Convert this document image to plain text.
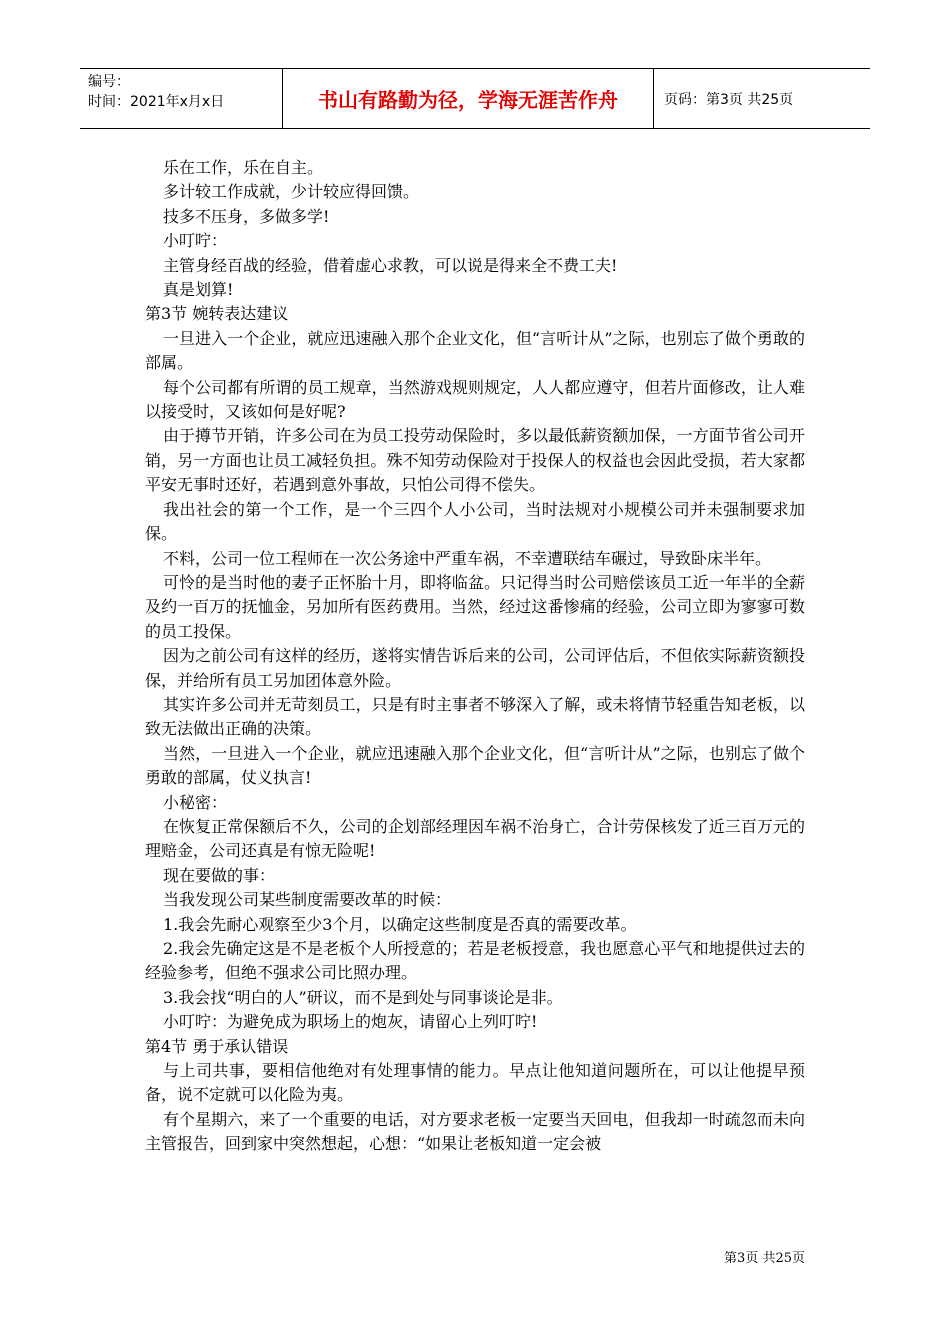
编号：
时间：2021年x月x日	书山有路勤为径，学海无涯苦作舟	页码：第3页 共25页

乐在工作，乐在自主。

多计较工作成就，少计较应得回馈。

技多不压身，多做多学!

小叮咛：

主管身经百战的经验，借着虚心求教，可以说是得来全不费工夫!

真是划算!

第3节 婉转表达建议

一旦进入一个企业，就应迅速融入那个企业文化，但“言听计从”之际，也别忘了做个勇敢的部属。

每个公司都有所谓的员工规章，当然游戏规则规定，人人都应遵守，但若片面修改，让人难以接受时，又该如何是好呢?

由于撙节开销，许多公司在为员工投劳动保险时，多以最低薪资额加保，一方面节省公司开销，另一方面也让员工减轻负担。殊不知劳动保险对于投保人的权益也会因此受损，若大家都平安无事时还好，若遇到意外事故，只怕公司得不偿失。

我出社会的第一个工作，是一个三四个人小公司，当时法规对小规模公司并未强制要求加保。

不料，公司一位工程师在一次公务途中严重车祸，不幸遭联结车碾过，导致卧床半年。

可怜的是当时他的妻子正怀胎十月，即将临盆。只记得当时公司赔偿该员工近一年半的全薪及约一百万的抚恤金，另加所有医药费用。当然，经过这番惨痛的经验，公司立即为寥寥可数的员工投保。

因为之前公司有这样的经历，遂将实情告诉后来的公司，公司评估后，不但依实际薪资额投保，并给所有员工另加团体意外险。

其实许多公司并无苛刻员工，只是有时主事者不够深入了解，或未将情节轻重告知老板，以致无法做出正确的决策。

当然，一旦进入一个企业，就应迅速融入那个企业文化，但“言听计从”之际，也别忘了做个勇敢的部属，仗义执言!

小秘密：

在恢复正常保额后不久，公司的企划部经理因车祸不治身亡，合计劳保核发了近三百万元的理赔金，公司还真是有惊无险呢!

现在要做的事：

当我发现公司某些制度需要改革的时候：

1.我会先耐心观察至少3个月，以确定这些制度是否真的需要改革。

2.我会先确定这是不是老板个人所授意的；若是老板授意，我也愿意心平气和地提供过去的经验参考，但绝不强求公司比照办理。

3.我会找“明白的人”研议，而不是到处与同事谈论是非。

小叮咛：为避免成为职场上的炮灰，请留心上列叮咛!

第4节 勇于承认错误

与上司共事，要相信他绝对有处理事情的能力。早点让他知道问题所在，可以让他提早预备，说不定就可以化险为夷。

有个星期六，来了一个重要的电话，对方要求老板一定要当天回电，但我却一时疏忽而未向主管报告，回到家中突然想起，心想：“如果让老板知道一定会被

第3页 共25页
